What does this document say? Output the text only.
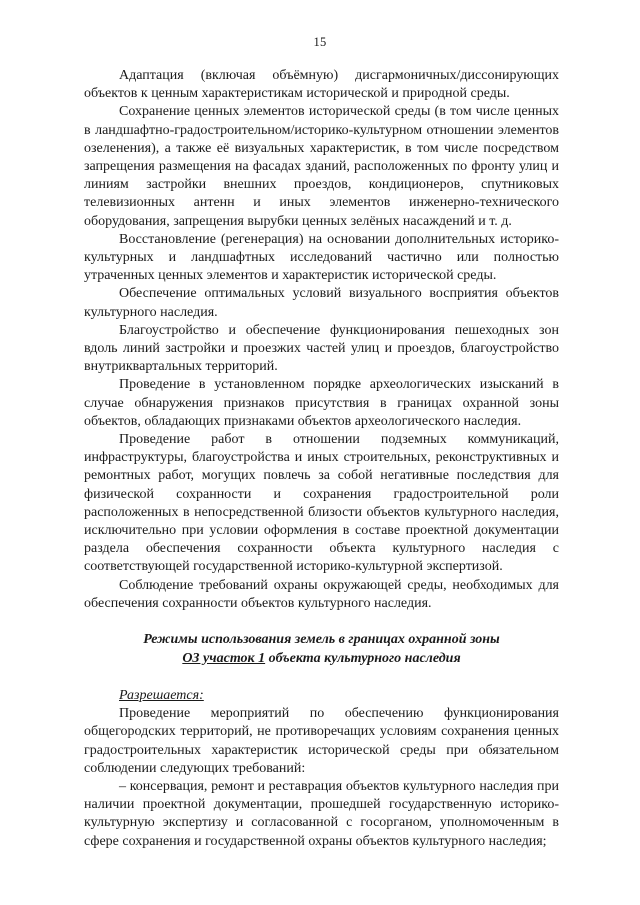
15

Адаптация (включая объёмную) дисгармоничных/диссонирующих объектов к ценным характеристикам исторической и природной среды.

Сохранение ценных элементов исторической среды (в том числе ценных в ландшафтно-градостроительном/историко-культурном отношении элементов озеленения), а также её визуальных характеристик, в том числе посредством запрещения размещения на фасадах зданий, расположенных по фронту улиц и линиям застройки внешних проездов, кондиционеров, спутниковых телевизионных антенн и иных элементов инженерно-технического оборудования, запрещения вырубки ценных зелёных насаждений и т. д.

Восстановление (регенерация) на основании дополнительных историко-культурных и ландшафтных исследований частично или полностью утраченных ценных элементов и характеристик исторической среды.

Обеспечение оптимальных условий визуального восприятия объектов культурного наследия.

Благоустройство и обеспечение функционирования пешеходных зон вдоль линий застройки и проезжих частей улиц и проездов, благоустройство внутриквартальных территорий.

Проведение в установленном порядке археологических изысканий в случае обнаружения признаков присутствия в границах охранной зоны объектов, обладающих признаками объектов археологического наследия.

Проведение работ в отношении подземных коммуникаций, инфраструктуры, благоустройства и иных строительных, реконструктивных и ремонтных работ, могущих повлечь за собой негативные последствия для физической сохранности и сохранения градостроительной роли расположенных в непосредственной близости объектов культурного наследия, исключительно при условии оформления в составе проектной документации раздела обеспечения сохранности объекта культурного наследия с соответствующей государственной историко-культурной экспертизой.

Соблюдение требований охраны окружающей среды, необходимых для обеспечения сохранности объектов культурного наследия.

Режимы использования земель в границах охранной зоны
ОЗ участок 1 объекта культурного наследия

Разрешается:

Проведение мероприятий по обеспечению функционирования общегородских территорий, не противоречащих условиям сохранения ценных градостроительных характеристик исторической среды при обязательном соблюдении следующих требований:

– консервация, ремонт и реставрация объектов культурного наследия при наличии проектной документации, прошедшей государственную историко-культурную экспертизу и согласованной с госорганом, уполномоченным в сфере сохранения и государственной охраны объектов культурного наследия;
